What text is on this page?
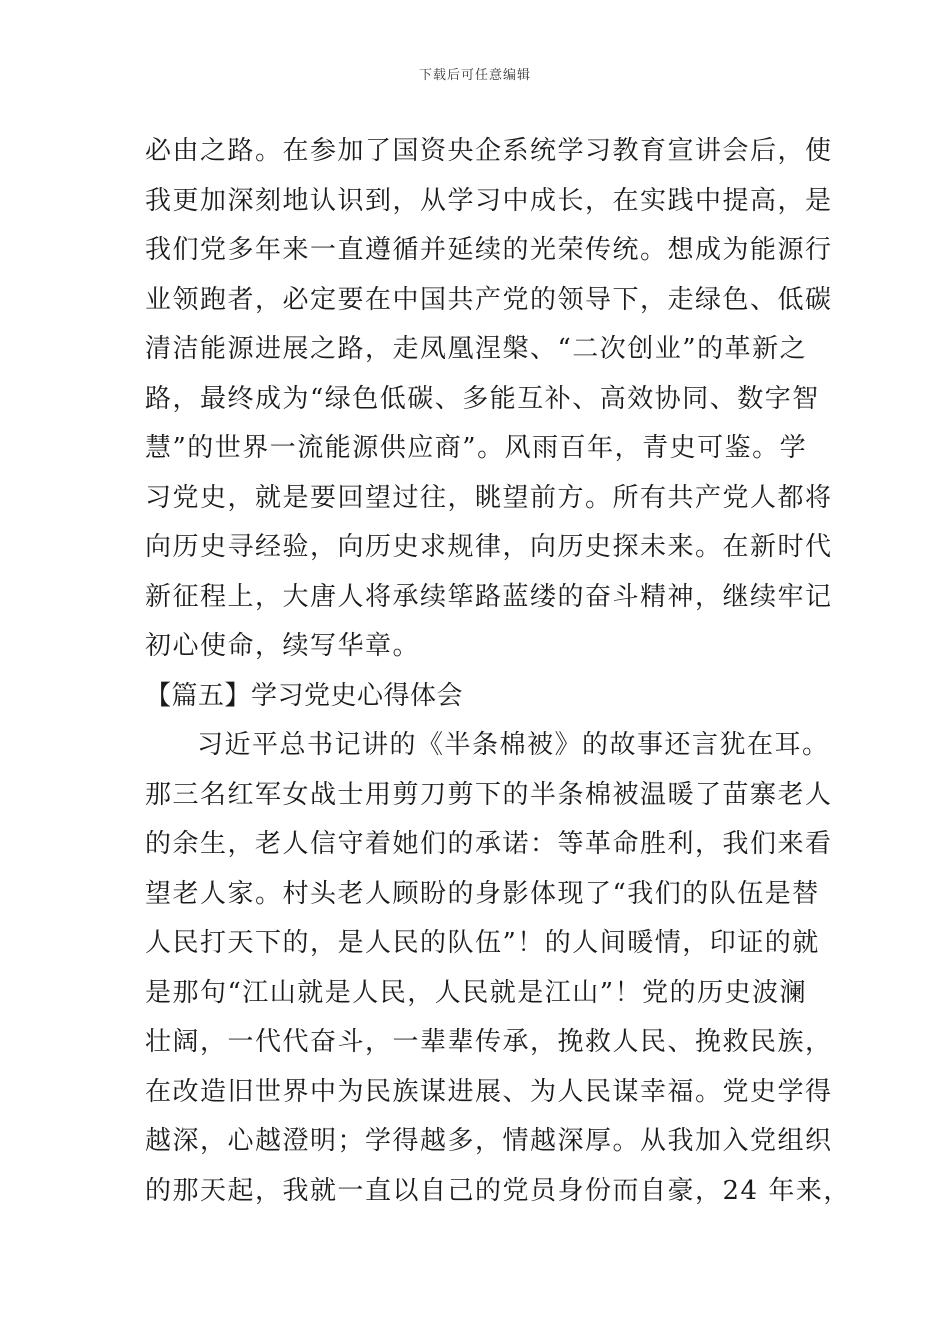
下载后可任意编辑
必由之路。在参加了国资央企系统学习教育宣讲会后，使
我更加深刻地认识到，从学习中成长，在实践中提高，是
我们党多年来一直遵循并延续的光荣传统。想成为能源行
业领跑者，必定要在中国共产党的领导下，走绿色、低碳
清洁能源进展之路，走凤凰涅槃、“二次创业”的革新之
路，最终成为“绿色低碳、多能互补、高效协同、数字智
慧”的世界一流能源供应商”。风雨百年，青史可鉴。学
习党史，就是要回望过往，眺望前方。所有共产党人都将
向历史寻经验，向历史求规律，向历史探未来。在新时代
新征程上，大唐人将承续筚路蓝缕的奋斗精神，继续牢记
初心使命，续写华章。
【篇五】学习党史心得体会
习近平总书记讲的《半条棉被》的故事还言犹在耳。
那三名红军女战士用剪刀剪下的半条棉被温暖了苗寨老人
的余生，老人信守着她们的承诺：等革命胜利，我们来看
望老人家。村头老人顾盼的身影体现了“我们的队伍是替
人民打天下的，是人民的队伍”！的人间暖情，印证的就
是那句“江山就是人民，人民就是江山”！党的历史波澜
壮阔，一代代奋斗，一辈辈传承，挽救人民、挽救民族，
在改造旧世界中为民族谋进展、为人民谋幸福。党史学得
越深，心越澄明；学得越多，情越深厚。从我加入党组织
的那天起，我就一直以自己的党员身份而自豪，24 年来，
